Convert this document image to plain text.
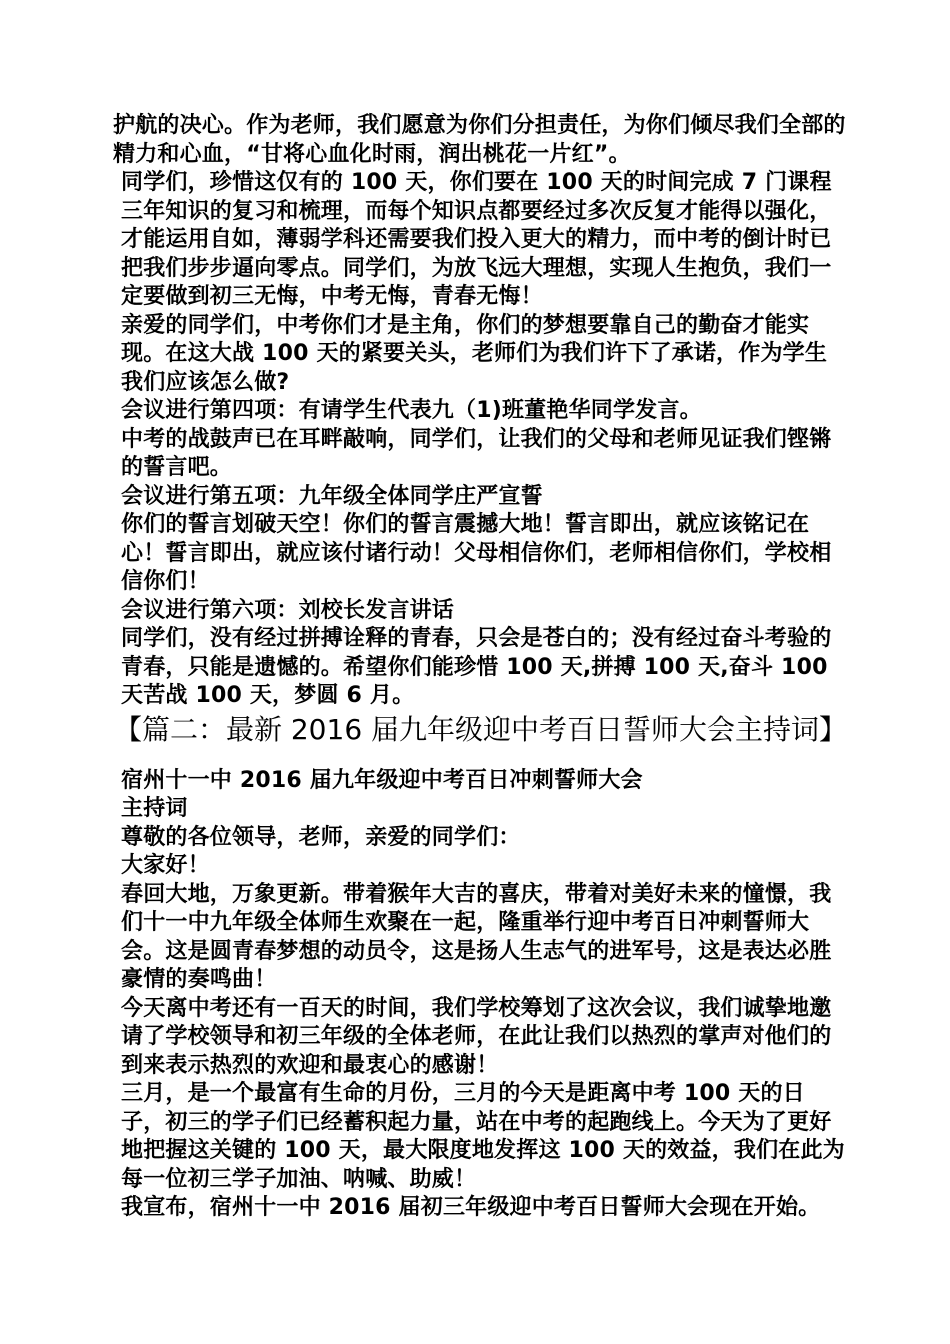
护航的决心。作为老师，我们愿意为你们分担责任，为你们倾尽我们全部的精力和心血，“甘将心血化时雨，润出桃花一片红”。

同学们，珍惜这仅有的 100 天，你们要在 100 天的时间完成 7 门课程三年知识的复习和梳理，而每个知识点都要经过多次反复才能得以强化，才能运用自如，薄弱学科还需要我们投入更大的精力，而中考的倒计时已把我们步步逼向零点。同学们，为放飞远大理想，实现人生抱负，我们一定要做到初三无悔，中考无悔，青春无悔！

亲爱的同学们，中考你们才是主角，你们的梦想要靠自己的勤奋才能实现。在这大战 100 天的紧要关头，老师们为我们许下了承诺，作为学生我们应该怎么做?

会议进行第四项：有请学生代表九（1)班董艳华同学发言。

中考的战鼓声已在耳畔敲响，同学们，让我们的父母和老师见证我们铿锵的誓言吧。

会议进行第五项：九年级全体同学庄严宣誓

你们的誓言划破天空！你们的誓言震撼大地！誓言即出，就应该铭记在心！誓言即出，就应该付诸行动！父母相信你们，老师相信你们，学校相信你们！

会议进行第六项：刘校长发言讲话

同学们，没有经过拼搏诠释的青春，只会是苍白的；没有经过奋斗考验的青春，只能是遗憾的。希望你们能珍惜 100 天,拼搏 100 天,奋斗 100 天苦战 100 天，梦圆 6 月。

【篇二：最新 2016 届九年级迎中考百日誓师大会主持词】

宿州十一中 2016 届九年级迎中考百日冲刺誓师大会

主持词

尊敬的各位领导，老师，亲爱的同学们：

大家好！

春回大地，万象更新。带着猴年大吉的喜庆，带着对美好未来的憧憬，我们十一中九年级全体师生欢聚在一起，隆重举行迎中考百日冲刺誓师大会。这是圆青春梦想的动员令，这是扬人生志气的进军号，这是表达必胜豪情的奏鸣曲！

今天离中考还有一百天的时间，我们学校筹划了这次会议，我们诚挚地邀请了学校领导和初三年级的全体老师，在此让我们以热烈的掌声对他们的到来表示热烈的欢迎和最衷心的感谢！

三月，是一个最富有生命的月份，三月的今天是距离中考 100 天的日子，初三的学子们已经蓄积起力量，站在中考的起跑线上。今天为了更好地把握这关键的 100 天，最大限度地发挥这 100 天的效益，我们在此为每一位初三学子加油、呐喊、助威！

我宣布，宿州十一中 2016 届初三年级迎中考百日誓师大会现在开始。
